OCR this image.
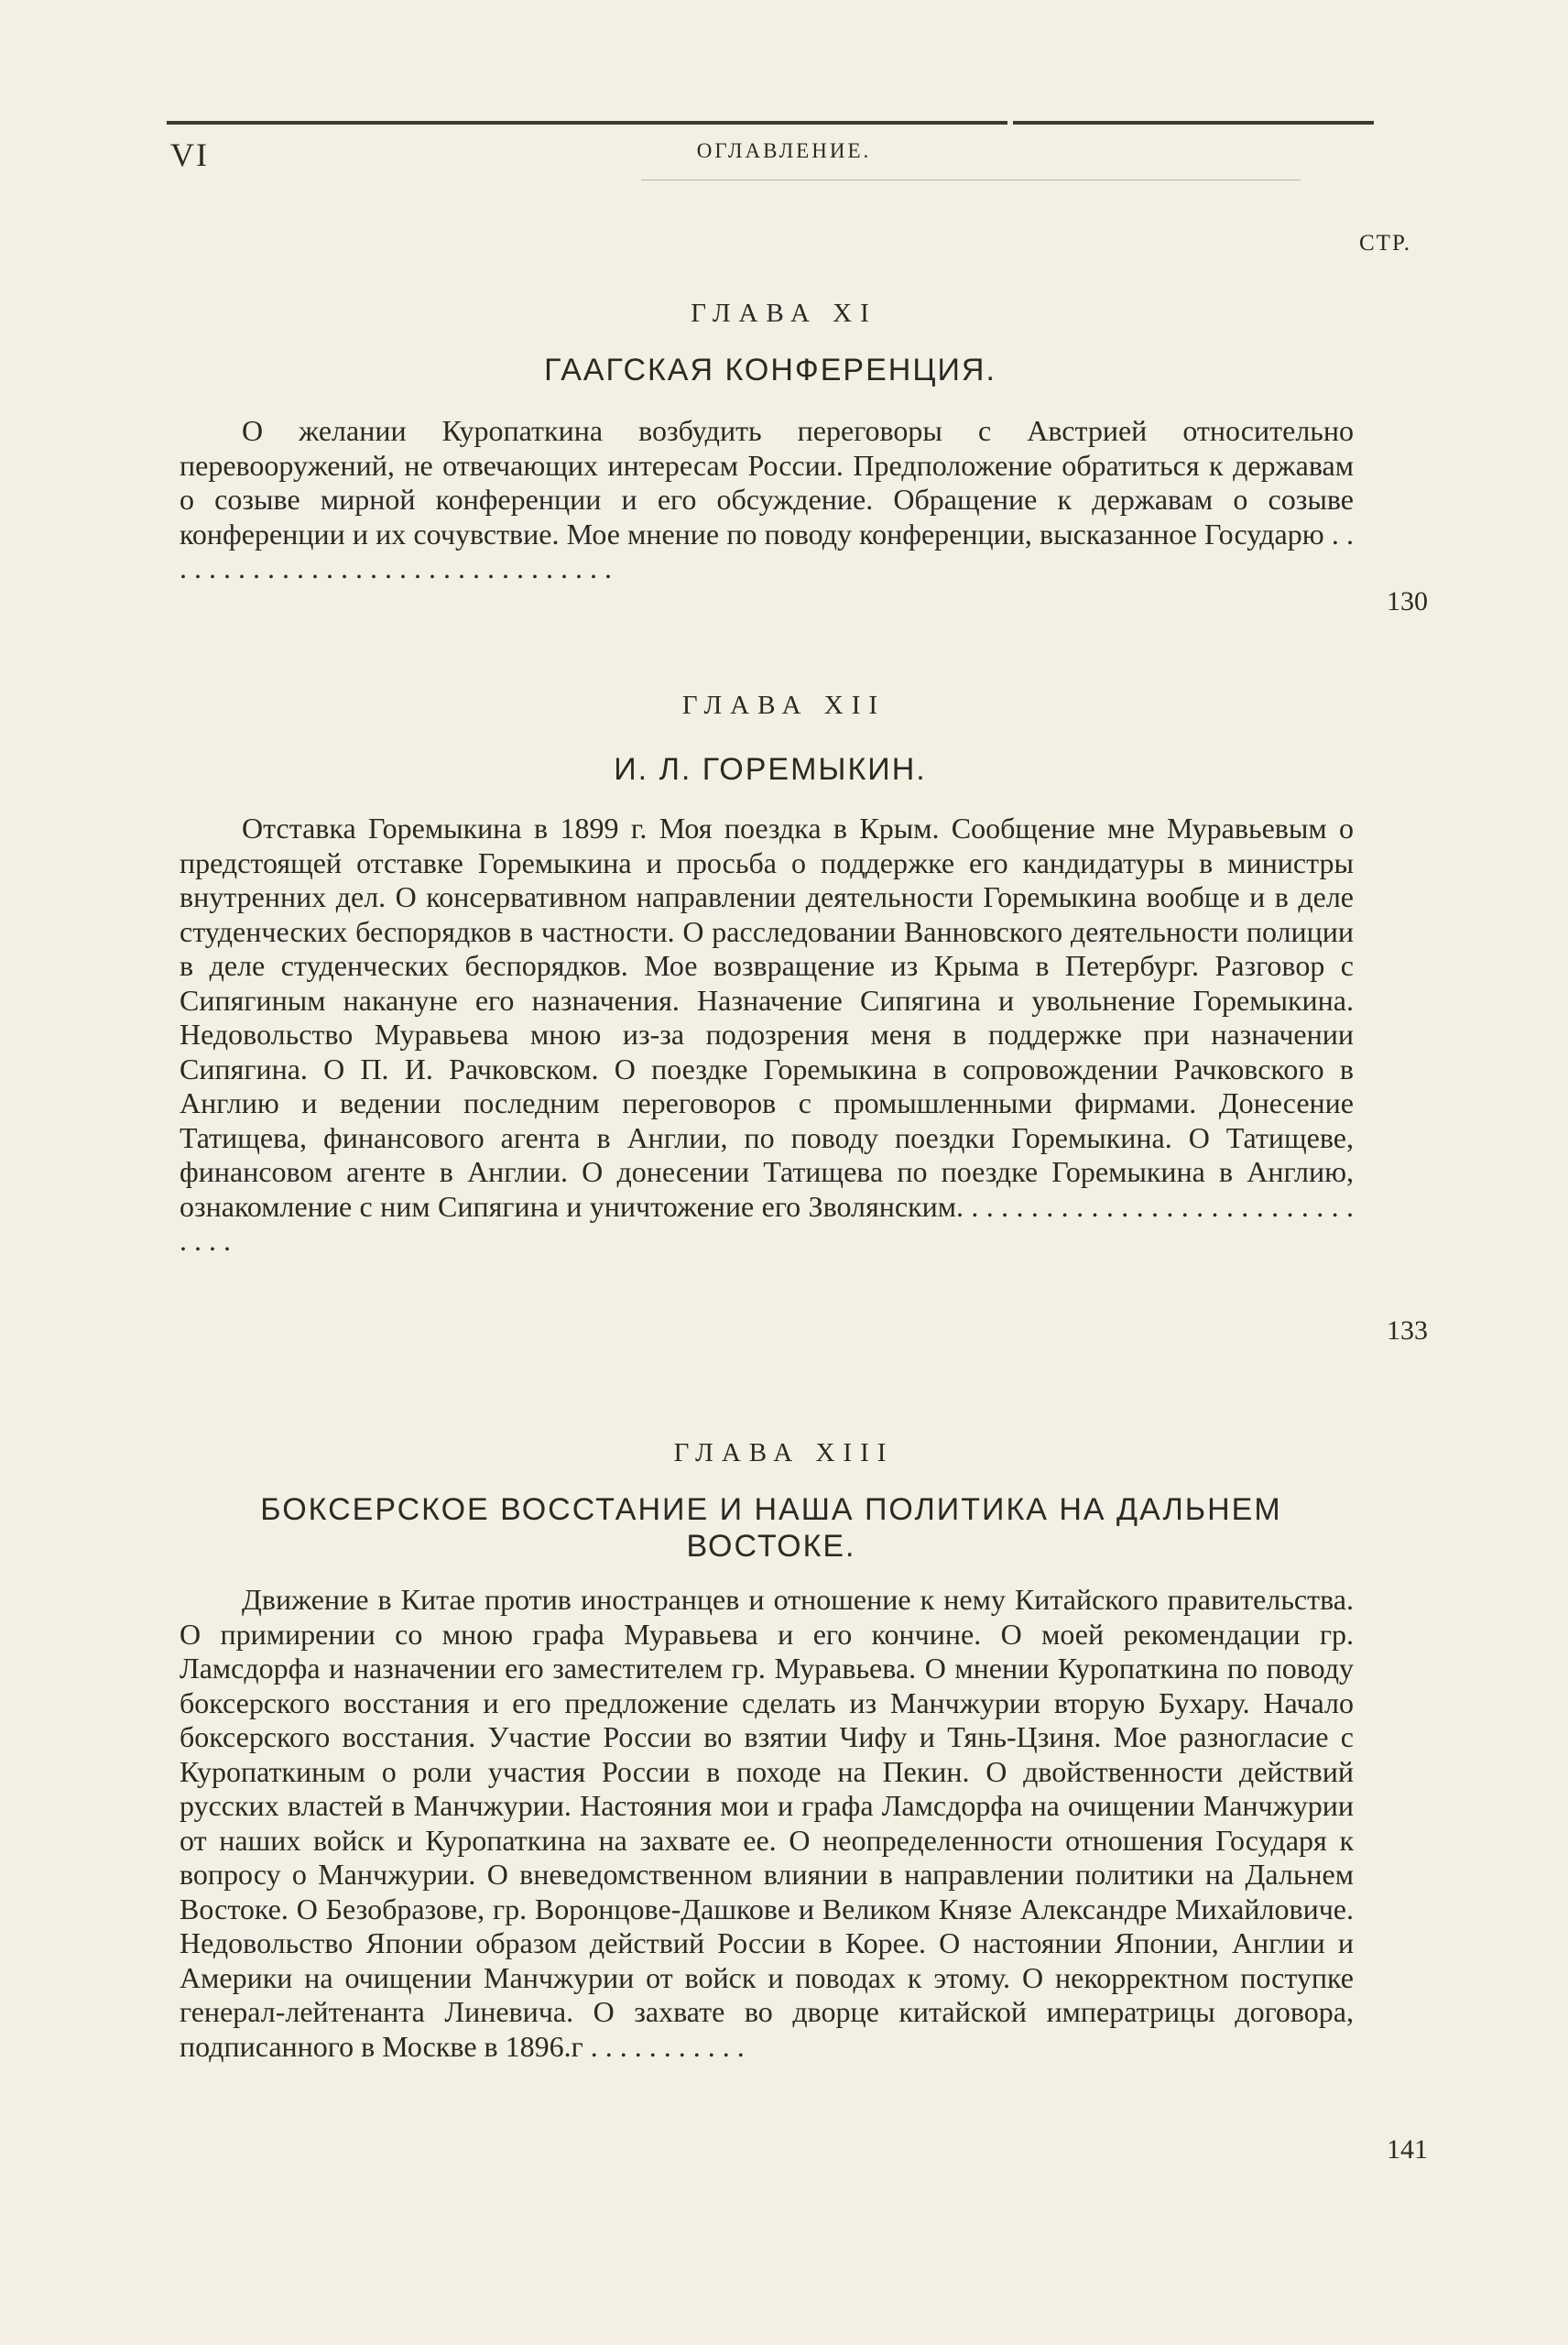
VI	ОГЛАВЛЕНИЕ.
СТР.
ГЛАВА XI
ГААГСКАЯ КОНФЕРЕНЦИЯ.
О желании Куропаткина возбудить переговоры с Австрией относительно перевооружений, не отвечающих интересам России. Предположение обратиться к державам о созыве мирной конференции и его обсуждение. Обращение к державам о созыве конференции и их сочувствие. Мое мнение по поводу конференции, высказанное Государю . . . . . . . . . . . . . . . . . . . . . . . . . . . . . . . .
130
ГЛАВА XII
И. Л. ГОРЕМЫКИН.
Отставка Горемыкина в 1899 г. Моя поездка в Крым. Сообщение мне Муравьевым о предстоящей отставке Горемыкина и просьба о поддержке его кандидатуры в министры внутренних дел. О консервативном направлении деятельности Горемыкина вообще и в деле студенческих беспорядков в частности. О расследовании Ванновского деятельности полиции в деле студенческих беспорядков. Мое возвращение из Крыма в Петербург. Разговор с Сипягиным накануне его назначения. Назначение Сипягина и увольнение Горемыкина. Недовольство Муравьева мною из-за подозрения меня в поддержке при назначении Сипягина. О П. И. Рачковском. О поездке Горемыкина в сопровождении Рачковского в Англию и ведении последним переговоров с промышленными фирмами. Донесение Татищева, финансового агента в Англии, по поводу поездки Горемыкина. О Татищеве, финансовом агенте в Англии. О донесении Татищева по поездке Горемыкина в Англию, ознакомление с ним Сипягина и уничтожение его Зволянским. . . . . . . . . . . . . . . . . . . . . . . . . . . . . . .
133
ГЛАВА XIII
БОКСЕРСКОЕ ВОССТАНИЕ И НАША ПОЛИТИКА НА ДАЛЬНЕМ ВОСТОКЕ.
Движение в Китае против иностранцев и отношение к нему Китайского правительства. О примирении со мною графа Муравьева и его кончине. О моей рекомендации гр. Ламсдорфа и назначении его заместителем гр. Муравьева. О мнении Куропаткина по поводу боксерского восстания и его предложение сделать из Манчжурии вторую Бухару. Начало боксерского восстания. Участие России во взятии Чифу и Тянь-Цзиня. Мое разногласие с Куропаткиным о роли участия России в походе на Пекин. О двойственности действий русских властей в Манчжурии. Настояния мои и графа Ламсдорфа на очищении Манчжурии от наших войск и Куропаткина на захвате ее. О неопределенности отношения Государя к вопросу о Манчжурии. О вневедомственном влиянии в направлении политики на Дальнем Востоке. О Безобразове, гр. Воронцове-Дашкове и Великом Князе Александре Михайловиче. Недовольство Японии образом действий России в Корее. О настоянии Японии, Англии и Америки на очищении Манчжурии от войск и поводах к этому. О некорректном поступке генерал-лейтенанта Линевича. О захвате во дворце китайской императрицы договора, подписанного в Москве в 1896.г . . . . . . . . . . .
141
